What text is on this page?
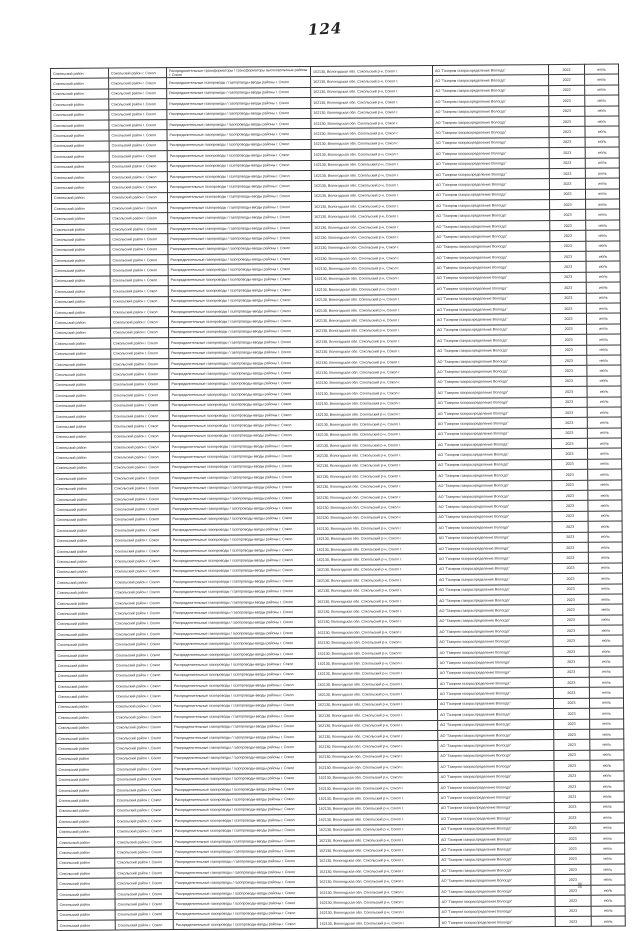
124
Сокольский район	Сокольский район г. Сокол	Распределительные трансформаторы / трансформаторы высоковольтные районы г. Сокол	162130, Вологодская обл. Сокольский р-н, Сокол г.	АО "Газпром газораспределение Вологда"	2022	июль
Сокольский район	Сокольский район г. Сокол	Распределительные газопроводы / газопроводы-вводы районы г. Сокол	162130, Вологодская обл. Сокольский р-н, Сокол г.	АО "Газпром газораспределение Вологда"	2022	июль
Сокольский район	Сокольский район г. Сокол	Распределительные газопроводы / газопроводы-вводы районы г. Сокол	162130, Вологодская обл. Сокольский р-н, Сокол г.	АО "Газпром газораспределение Вологда"	2022	июль
Сокольский район	Сокольский район г. Сокол	Распределительные газопроводы / газопроводы-вводы районы г. Сокол	162130, Вологодская обл. Сокольский р-н, Сокол г.	АО "Газпром газораспределение Вологда"	2023	июль
Сокольский район	Сокольский район г. Сокол	Распределительные газопроводы / газопроводы-вводы районы г. Сокол	162130, Вологодская обл. Сокольский р-н, Сокол г.	АО "Газпром газораспределение Вологда"	2023	июль
Сокольский район	Сокольский район г. Сокол	Распределительные газопроводы / газопроводы-вводы районы г. Сокол	162130, Вологодская обл. Сокольский р-н, Сокол г.	АО "Газпром газораспределение Вологда"	2023	июль
Сокольский район	Сокольский район г. Сокол	Распределительные газопроводы / газопроводы-вводы районы г. Сокол	162130, Вологодская обл. Сокольский р-н, Сокол г.	АО "Газпром газораспределение Вологда"	2023	июль
Сокольский район	Сокольский район г. Сокол	Распределительные газопроводы / газопроводы-вводы районы г. Сокол	162130, Вологодская обл. Сокольский р-н, Сокол г.	АО "Газпром газораспределение Вологда"	2023	июль
Сокольский район	Сокольский район г. Сокол	Распределительные газопроводы / газопроводы-вводы районы г. Сокол	162130, Вологодская обл. Сокольский р-н, Сокол г.	АО "Газпром газораспределение Вологда"	2023	июль
Сокольский район	Сокольский район г. Сокол	Распределительные газопроводы / газопроводы-вводы районы г. Сокол	162130, Вологодская обл. Сокольский р-н, Сокол г.	АО "Газпром газораспределение Вологда"	2023	июль
Сокольский район	Сокольский район г. Сокол	Распределительные газопроводы / газопроводы-вводы районы г. Сокол	162130, Вологодская обл. Сокольский р-н, Сокол г.	АО "Газпром газораспределение Вологда"	2023	июль
Сокольский район	Сокольский район г. Сокол	Распределительные газопроводы / газопроводы-вводы районы г. Сокол	162130, Вологодская обл. Сокольский р-н, Сокол г.	АО "Газпром газораспределение Вологда"	2023	июль
Сокольский район	Сокольский район г. Сокол	Распределительные газопроводы / газопроводы-вводы районы г. Сокол	162130, Вологодская обл. Сокольский р-н, Сокол г.	АО "Газпром газораспределение Вологда"	2023	июль
Сокольский район	Сокольский район г. Сокол	Распределительные газопроводы / газопроводы-вводы районы г. Сокол	162130, Вологодская обл. Сокольский р-н, Сокол г.	АО "Газпром газораспределение Вологда"	2023	июль
Сокольский район	Сокольский район г. Сокол	Распределительные газопроводы / газопроводы-вводы районы г. Сокол	162130, Вологодская обл. Сокольский р-н, Сокол г.	АО "Газпром газораспределение Вологда"	2023	июль
Сокольский район	Сокольский район г. Сокол	Распределительные газопроводы / газопроводы-вводы районы г. Сокол	162130, Вологодская обл. Сокольский р-н, Сокол г.	АО "Газпром газораспределение Вологда"	2023	июль
Сокольский район	Сокольский район г. Сокол	Распределительные газопроводы / газопроводы-вводы районы г. Сокол	162130, Вологодская обл. Сокольский р-н, Сокол г.	АО "Газпром газораспределение Вологда"	2023	июль
Сокольский район	Сокольский район г. Сокол	Распределительные газопроводы / газопроводы-вводы районы г. Сокол	162130, Вологодская обл. Сокольский р-н, Сокол г.	АО "Газпром газораспределение Вологда"	2023	июль
Сокольский район	Сокольский район г. Сокол	Распределительные газопроводы / газопроводы-вводы районы г. Сокол	162130, Вологодская обл. Сокольский р-н, Сокол г.	АО "Газпром газораспределение Вологда"	2023	июль
Сокольский район	Сокольский район г. Сокол	Распределительные газопроводы / газопроводы-вводы районы г. Сокол	162130, Вологодская обл. Сокольский р-н, Сокол г.	АО "Газпром газораспределение Вологда"	2023	июль
Сокольский район	Сокольский район г. Сокол	Распределительные газопроводы / газопроводы-вводы районы г. Сокол	162130, Вологодская обл. Сокольский р-н, Сокол г.	АО "Газпром газораспределение Вологда"	2023	июль
Сокольский район	Сокольский район г. Сокол	Распределительные газопроводы / газопроводы-вводы районы г. Сокол	162130, Вологодская обл. Сокольский р-н, Сокол г.	АО "Газпром газораспределение Вологда"	2023	июль
Сокольский район	Сокольский район г. Сокол	Распределительные газопроводы / газопроводы-вводы районы г. Сокол	162130, Вологодская обл. Сокольский р-н, Сокол г.	АО "Газпром газораспределение Вологда"	2023	июль
Сокольский район	Сокольский район г. Сокол	Распределительные газопроводы / газопроводы-вводы районы г. Сокол	162130, Вологодская обл. Сокольский р-н, Сокол г.	АО "Газпром газораспределение Вологда"	2023	июль
Сокольский район	Сокольский район г. Сокол	Распределительные газопроводы / газопроводы-вводы районы г. Сокол	162130, Вологодская обл. Сокольский р-н, Сокол г.	АО "Газпром газораспределение Вологда"	2023	июль
Сокольский район	Сокольский район г. Сокол	Распределительные газопроводы / газопроводы-вводы районы г. Сокол	162130, Вологодская обл. Сокольский р-н, Сокол г.	АО "Газпром газораспределение Вологда"	2023	июль
Сокольский район	Сокольский район г. Сокол	Распределительные газопроводы / газопроводы-вводы районы г. Сокол	162130, Вологодская обл. Сокольский р-н, Сокол г.	АО "Газпром газораспределение Вологда"	2023	июль
Сокольский район	Сокольский район г. Сокол	Распределительные газопроводы / газопроводы-вводы районы г. Сокол	162130, Вологодская обл. Сокольский р-н, Сокол г.	АО "Газпром газораспределение Вологда"	2023	июль
Сокольский район	Сокольский район г. Сокол	Распределительные газопроводы / газопроводы-вводы районы г. Сокол	162130, Вологодская обл. Сокольский р-н, Сокол г.	АО "Газпром газораспределение Вологда"	2023	июль
Сокольский район	Сокольский район г. Сокол	Распределительные газопроводы / газопроводы-вводы районы г. Сокол	162130, Вологодская обл. Сокольский р-н, Сокол г.	АО "Газпром газораспределение Вологда"	2023	июль
Сокольский район	Сокольский район г. Сокол	Распределительные газопроводы / газопроводы-вводы районы г. Сокол	162130, Вологодская обл. Сокольский р-н, Сокол г.	АО "Газпром газораспределение Вологда"	2023	июль
Сокольский район	Сокольский район г. Сокол	Распределительные газопроводы / газопроводы-вводы районы г. Сокол	162130, Вологодская обл. Сокольский р-н, Сокол г.	АО "Газпром газораспределение Вологда"	2023	июль
Сокольский район	Сокольский район г. Сокол	Распределительные газопроводы / газопроводы-вводы районы г. Сокол	162130, Вологодская обл. Сокольский р-н, Сокол г.	АО "Газпром газораспределение Вологда"	2023	июль
Сокольский район	Сокольский район г. Сокол	Распределительные газопроводы / газопроводы-вводы районы г. Сокол	162130, Вологодская обл. Сокольский р-н, Сокол г.	АО "Газпром газораспределение Вологда"	2023	июль
Сокольский район	Сокольский район г. Сокол	Распределительные газопроводы / газопроводы-вводы районы г. Сокол	162130, Вологодская обл. Сокольский р-н, Сокол г.	АО "Газпром газораспределение Вологда"	2023	июль
Сокольский район	Сокольский район г. Сокол	Распределительные газопроводы / газопроводы-вводы районы г. Сокол	162130, Вологодская обл. Сокольский р-н, Сокол г.	АО "Газпром газораспределение Вологда"	2023	июль
Сокольский район	Сокольский район г. Сокол	Распределительные газопроводы / газопроводы-вводы районы г. Сокол	162130, Вологодская обл. Сокольский р-н, Сокол г.	АО "Газпром газораспределение Вологда"	2023	июль
Сокольский район	Сокольский район г. Сокол	Распределительные газопроводы / газопроводы-вводы районы г. Сокол	162130, Вологодская обл. Сокольский р-н, Сокол г.	АО "Газпром газораспределение Вологда"	2023	июль
Сокольский район	Сокольский район г. Сокол	Распределительные газопроводы / газопроводы-вводы районы г. Сокол	162130, Вологодская обл. Сокольский р-н, Сокол г.	АО "Газпром газораспределение Вологда"	2023	июль
Сокольский район	Сокольский район г. Сокол	Распределительные газопроводы / газопроводы-вводы районы г. Сокол	162130, Вологодская обл. Сокольский р-н, Сокол г.	АО "Газпром газораспределение Вологда"	2023	июль
Сокольский район	Сокольский район г. Сокол	Распределительные газопроводы / газопроводы-вводы районы г. Сокол	162130, Вологодская обл. Сокольский р-н, Сокол г.	АО "Газпром газораспределение Вологда"	2023	июль
Сокольский район	Сокольский район г. Сокол	Распределительные газопроводы / газопроводы-вводы районы г. Сокол	162130, Вологодская обл. Сокольский р-н, Сокол г.	АО "Газпром газораспределение Вологда"	2023	июль
Сокольский район	Сокольский район г. Сокол	Распределительные газопроводы / газопроводы-вводы районы г. Сокол	162130, Вологодская обл. Сокольский р-н, Сокол г.	АО "Газпром газораспределение Вологда"	2023	июль
Сокольский район	Сокольский район г. Сокол	Распределительные газопроводы / газопроводы-вводы районы г. Сокол	162130, Вологодская обл. Сокольский р-н, Сокол г.	АО "Газпром газораспределение Вологда"	2023	июль
Сокольский район	Сокольский район г. Сокол	Распределительные газопроводы / газопроводы-вводы районы г. Сокол	162130, Вологодская обл. Сокольский р-н, Сокол г.	АО "Газпром газораспределение Вологда"	2023	июль
Сокольский район	Сокольский район г. Сокол	Распределительные газопроводы / газопроводы-вводы районы г. Сокол	162130, Вологодская обл. Сокольский р-н, Сокол г.	АО "Газпром газораспределение Вологда"	2023	июль
Сокольский район	Сокольский район г. Сокол	Распределительные газопроводы / газопроводы-вводы районы г. Сокол	162130, Вологодская обл. Сокольский р-н, Сокол г.	АО "Газпром газораспределение Вологда"	2023	июль
Сокольский район	Сокольский район г. Сокол	Распределительные газопроводы / газопроводы-вводы районы г. Сокол	162130, Вологодская обл. Сокольский р-н, Сокол г.	АО "Газпром газораспределение Вологда"	2023	июль
Сокольский район	Сокольский район г. Сокол	Распределительные газопроводы / газопроводы-вводы районы г. Сокол	162130, Вологодская обл. Сокольский р-н, Сокол г.	АО "Газпром газораспределение Вологда"	2023	июль
Сокольский район	Сокольский район г. Сокол	Распределительные газопроводы / газопроводы-вводы районы г. Сокол	162130, Вологодская обл. Сокольский р-н, Сокол г.	АО "Газпром газораспределение Вологда"	2023	июль
Сокольский район	Сокольский район г. Сокол	Распределительные газопроводы / газопроводы-вводы районы г. Сокол	162130, Вологодская обл. Сокольский р-н, Сокол г.	АО "Газпром газораспределение Вологда"	2023	июль
Сокольский район	Сокольский район г. Сокол	Распределительные газопроводы / газопроводы-вводы районы г. Сокол	162130, Вологодская обл. Сокольский р-н, Сокол г.	АО "Газпром газораспределение Вологда"	2023	июль
Сокольский район	Сокольский район г. Сокол	Распределительные газопроводы / газопроводы-вводы районы г. Сокол	162130, Вологодская обл. Сокольский р-н, Сокол г.	АО "Газпром газораспределение Вологда"	2023	июль
Сокольский район	Сокольский район г. Сокол	Распределительные газопроводы / газопроводы-вводы районы г. Сокол	162130, Вологодская обл. Сокольский р-н, Сокол г.	АО "Газпром газораспределение Вологда"	2023	июль
Сокольский район	Сокольский район г. Сокол	Распределительные газопроводы / газопроводы-вводы районы г. Сокол	162130, Вологодская обл. Сокольский р-н, Сокол г.	АО "Газпром газораспределение Вологда"	2023	июль
Сокольский район	Сокольский район г. Сокол	Распределительные газопроводы / газопроводы-вводы районы г. Сокол	162130, Вологодская обл. Сокольский р-н, Сокол г.	АО "Газпром газораспределение Вологда"	2023	июль
Сокольский район	Сокольский район г. Сокол	Распределительные газопроводы / газопроводы-вводы районы г. Сокол	162130, Вологодская обл. Сокольский р-н, Сокол г.	АО "Газпром газораспределение Вологда"	2023	июль
Сокольский район	Сокольский район г. Сокол	Распределительные газопроводы / газопроводы-вводы районы г. Сокол	162130, Вологодская обл. Сокольский р-н, Сокол г.	АО "Газпром газораспределение Вологда"	2023	июль
Сокольский район	Сокольский район г. Сокол	Распределительные газопроводы / газопроводы-вводы районы г. Сокол	162130, Вологодская обл. Сокольский р-н, Сокол г.	АО "Газпром газораспределение Вологда"	2023	июль
Сокольский район	Сокольский район г. Сокол	Распределительные газопроводы / газопроводы-вводы районы г. Сокол	162130, Вологодская обл. Сокольский р-н, Сокол г.	АО "Газпром газораспределение Вологда"	2023	июль
Сокольский район	Сокольский район г. Сокол	Распределительные газопроводы / газопроводы-вводы районы г. Сокол	162130, Вологодская обл. Сокольский р-н, Сокол г.	АО "Газпром газораспределение Вологда"	2023	июль
Сокольский район	Сокольский район г. Сокол	Распределительные газопроводы / газопроводы-вводы районы г. Сокол	162130, Вологодская обл. Сокольский р-н, Сокол г.	АО "Газпром газораспределение Вологда"	2023	июль
Сокольский район	Сокольский район г. Сокол	Распределительные газопроводы / газопроводы-вводы районы г. Сокол	162130, Вологодская обл. Сокольский р-н, Сокол г.	АО "Газпром газораспределение Вологда"	2023	июль
Сокольский район	Сокольский район г. Сокол	Распределительные газопроводы / газопроводы-вводы районы г. Сокол	162130, Вологодская обл. Сокольский р-н, Сокол г.	АО "Газпром газораспределение Вологда"	2023	июль
Сокольский район	Сокольский район г. Сокол	Распределительные газопроводы / газопроводы-вводы районы г. Сокол	162130, Вологодская обл. Сокольский р-н, Сокол г.	АО "Газпром газораспределение Вологда"	2023	июль
Сокольский район	Сокольский район г. Сокол	Распределительные газопроводы / газопроводы-вводы районы г. Сокол	162130, Вологодская обл. Сокольский р-н, Сокол г.	АО "Газпром газораспределение Вологда"	2023	июль
Сокольский район	Сокольский район г. Сокол	Распределительные газопроводы / газопроводы-вводы районы г. Сокол	162130, Вологодская обл. Сокольский р-н, Сокол г.	АО "Газпром газораспределение Вологда"	2023	июль
Сокольский район	Сокольский район г. Сокол	Распределительные газопроводы / газопроводы-вводы районы г. Сокол	162130, Вологодская обл. Сокольский р-н, Сокол г.	АО "Газпром газораспределение Вологда"	2023	июль
Сокольский район	Сокольский район г. Сокол	Распределительные газопроводы / газопроводы-вводы районы г. Сокол	162130, Вологодская обл. Сокольский р-н, Сокол г.	АО "Газпром газораспределение Вологда"	2023	июль
Сокольский район	Сокольский район г. Сокол	Распределительные газопроводы / газопроводы-вводы районы г. Сокол	162130, Вологодская обл. Сокольский р-н, Сокол г.	АО "Газпром газораспределение Вологда"	2023	июль
Сокольский район	Сокольский район г. Сокол	Распределительные газопроводы / газопроводы-вводы районы г. Сокол	162130, Вологодская обл. Сокольский р-н, Сокол г.	АО "Газпром газораспределение Вологда"	2023	июль
Сокольский район	Сокольский район г. Сокол	Распределительные газопроводы / газопроводы-вводы районы г. Сокол	162130, Вологодская обл. Сокольский р-н, Сокол г.	АО "Газпром газораспределение Вологда"	2023	июль
Сокольский район	Сокольский район г. Сокол	Распределительные газопроводы / газопроводы-вводы районы г. Сокол	162130, Вологодская обл. Сокольский р-н, Сокол г.	АО "Газпром газораспределение Вологда"	2023	июль
Сокольский район	Сокольский район г. Сокол	Распределительные газопроводы / газопроводы-вводы районы г. Сокол	162130, Вологодская обл. Сокольский р-н, Сокол г.	АО "Газпром газораспределение Вологда"	2023	июль
Сокольский район	Сокольский район г. Сокол	Распределительные газопроводы / газопроводы-вводы районы г. Сокол	162130, Вологодская обл. Сокольский р-н, Сокол г.	АО "Газпром газораспределение Вологда"	2023	июль
Сокольский район	Сокольский район г. Сокол	Распределительные газопроводы / газопроводы-вводы районы г. Сокол	162130, Вологодская обл. Сокольский р-н, Сокол г.	АО "Газпром газораспределение Вологда"	2023	июль
Сокольский район	Сокольский район г. Сокол	Распределительные газопроводы / газопроводы-вводы районы г. Сокол	162130, Вологодская обл. Сокольский р-н, Сокол г.	АО "Газпром газораспределение Вологда"	2023	июль
Сокольский район	Сокольский район г. Сокол	Распределительные газопроводы / газопроводы-вводы районы г. Сокол	162130, Вологодская обл. Сокольский р-н, Сокол г.	АО "Газпром газораспределение Вологда"	2023	июль
Сокольский район	Сокольский район г. Сокол	Распределительные газопроводы / газопроводы-вводы районы г. Сокол	162130, Вологодская обл. Сокольский р-н, Сокол г.	АО "Газпром газораспределение Вологда"	2023	июль
Сокольский район	Сокольский район г. Сокол	Распределительные газопроводы / газопроводы-вводы районы г. Сокол	162130, Вологодская обл. Сокольский р-н, Сокол г.	АО "Газпром газораспределение Вологда"	2023	июль
Сокольский район	Сокольский район г. Сокол	Распределительные газопроводы / газопроводы-вводы районы г. Сокол	162130, Вологодская обл. Сокольский р-н, Сокол г.	АО "Газпром газораспределение Вологда"	2023	июль
Сокольский район	Сокольский район г. Сокол	Распределительные газопроводы / газопроводы-вводы районы г. Сокол	162130, Вологодская обл. Сокольский р-н, Сокол г.	АО "Газпром газораспределение Вологда"	2023	июль
Сокольский район	Сокольский район г. Сокол	Распределительные газопроводы / газопроводы-вводы районы г. Сокол	162130, Вологодская обл. Сокольский р-н, Сокол г.	АО "Газпром газораспределение Вологда"	2023	июль
ll	l
